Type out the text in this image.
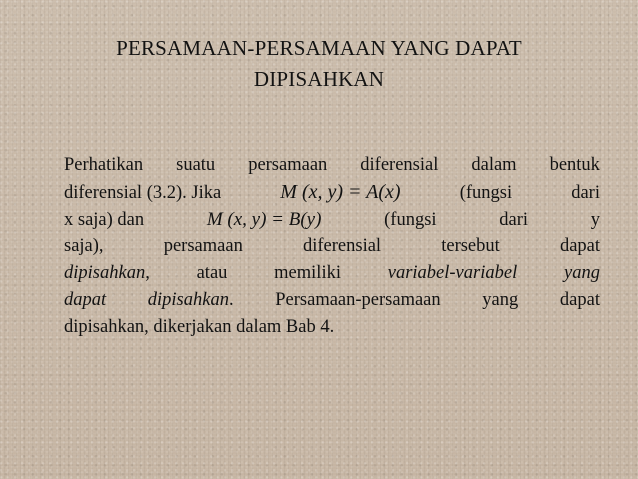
PERSAMAAN-PERSAMAAN YANG DAPAT
DIPISAHKAN
Perhatikan suatu persamaan diferensial dalam bentuk
diferensial (3.2). Jika	M (x, y) = A(x)	(fungsi	dari
x saja) dan	M (x, y) = B(y)	(fungsi	dari	y
saja),	persamaan	diferensial	tersebut	dapat
dipisahkan,	atau	memiliki	variabel-variabel	yang
dapat dipisahkan. Persamaan-persamaan yang dapat
dipisahkan, dikerjakan dalam Bab 4.
